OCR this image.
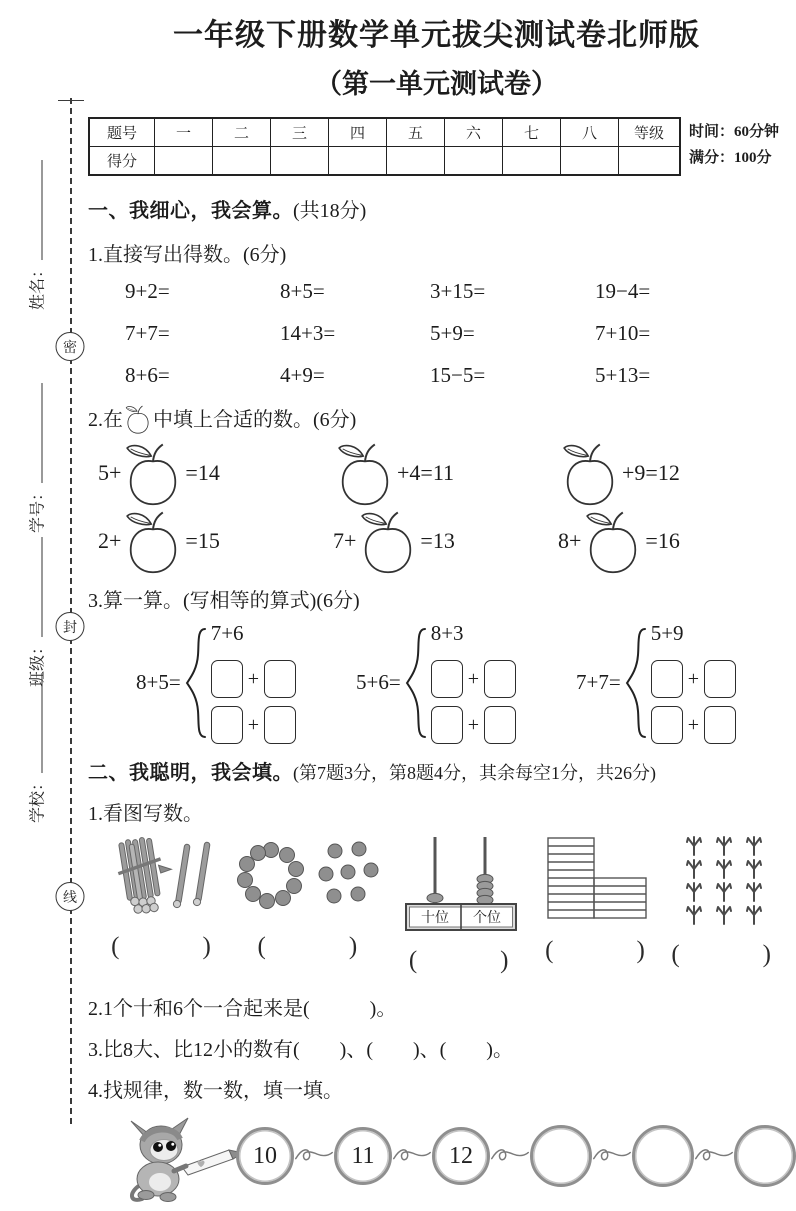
姓名：
学号：
班级：
学校：
密
封
线
一年级下册数学单元拔尖测试卷北师版
（第一单元测试卷）
题号	一	二	三	四	五	六	七	八	等级
得分									
时间：60分钟
满分：100分
一、我细心，我会算。(共18分)
1.直接写出得数。(6分)
9+2=	8+5=	3+15=	19−4=
7+7=	14+3=	5+9=	7+10=
8+6=	4+9=	15−5=	5+13=
2.在 中填上合适的数。(6分)
5+	=14	+4=11	+9=12
2+	=15	7+	=13	8+	=16
3.算一算。(写相等的算式)(6分)
8+5=
7+6
+
+
5+6=
8+3
+
+
7+7=
5+9
+
+
二、我聪明，我会填。(第7题3分，第8题4分，其余每空1分，共26分)
1.看图写数。
(　　　) (　　　)
十位 个位
(　　　) (　　　) (　　　)
2.1个十和6个一合起来是(　　　)。
3.比8大、比12小的数有(　　)、(　　)、(　　)。
4.找规律，数一数，填一填。
10	11	12
